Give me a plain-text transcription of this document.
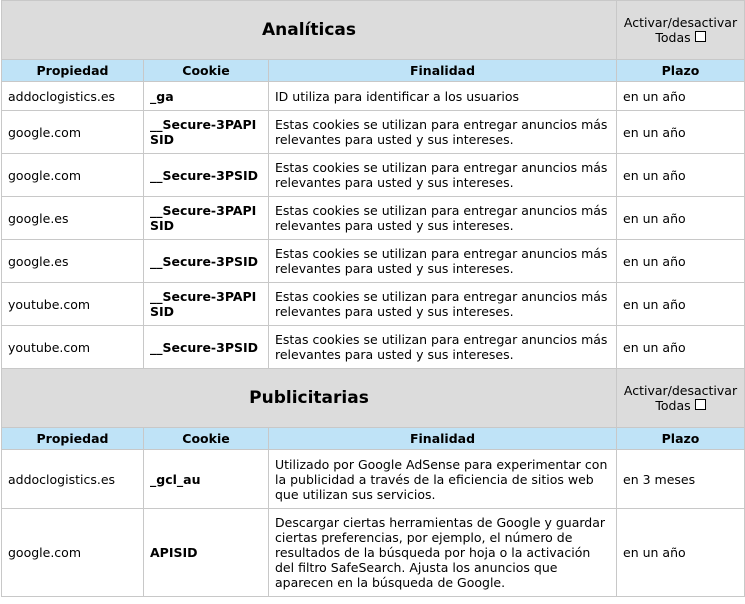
Analíticas			Activar/desactivar Todas

Propiedad	Cookie	Finalidad	Plazo
addoclogistics.es	_ga	ID utiliza para identificar a los usuarios	en un año
google.com	__Secure-3PAPISID	Estas cookies se utilizan para entregar anuncios más relevantes para usted y sus intereses.	en un año
google.com	__Secure-3PSID	Estas cookies se utilizan para entregar anuncios más relevantes para usted y sus intereses.	en un año
google.es	__Secure-3PAPISID	Estas cookies se utilizan para entregar anuncios más relevantes para usted y sus intereses.	en un año
google.es	__Secure-3PSID	Estas cookies se utilizan para entregar anuncios más relevantes para usted y sus intereses.	en un año
youtube.com	__Secure-3PAPISID	Estas cookies se utilizan para entregar anuncios más relevantes para usted y sus intereses.	en un año
youtube.com	__Secure-3PSID	Estas cookies se utilizan para entregar anuncios más relevantes para usted y sus intereses.	en un año
Publicitarias			Activar/desactivar Todas

Propiedad	Cookie	Finalidad	Plazo
addoclogistics.es	_gcl_au	Utilizado por Google AdSense para experimentar con la publicidad a través de la eficiencia de sitios web que utilizan sus servicios.	en 3 meses
google.com	APISID	Descargar ciertas herramientas de Google y guardar ciertas preferencias, por ejemplo, el número de resultados de la búsqueda por hoja o la activación del filtro SafeSearch. Ajusta los anuncios que aparecen en la búsqueda de Google.	en un año
